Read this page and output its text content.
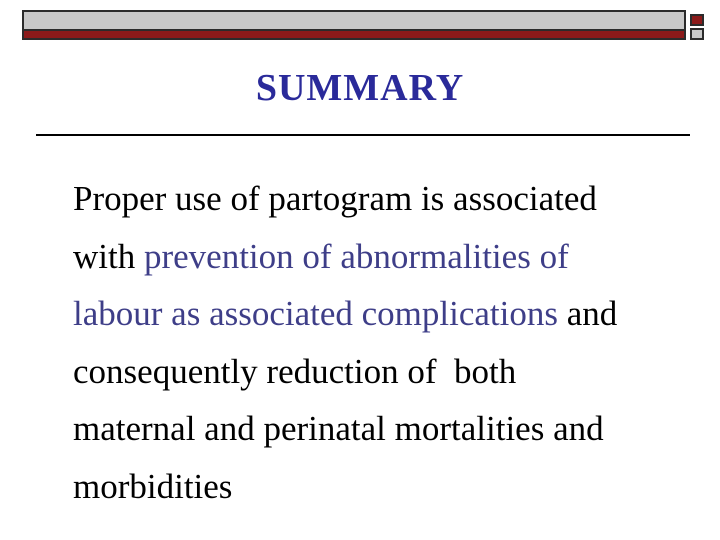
SUMMARY

Proper use of partogram is associated
with prevention of abnormalities of
labour as associated complications and
consequently reduction of  both
maternal and perinatal mortalities and
morbidities
